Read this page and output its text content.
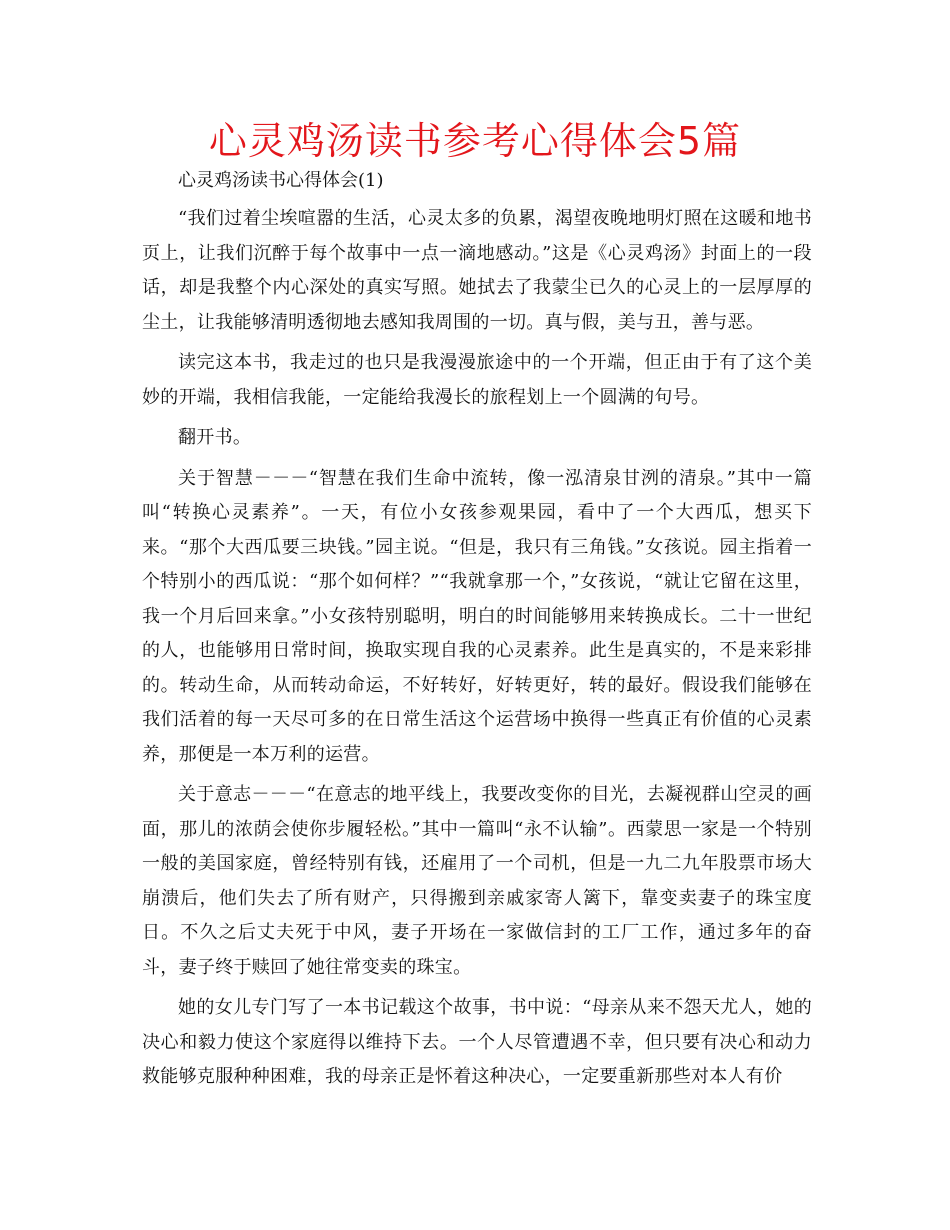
心灵鸡汤读书参考心得体会5篇

心灵鸡汤读书心得体会(1)

“我们过着尘埃喧嚣的生活，心灵太多的负累，渴望夜晚地明灯照在这暖和地书页上，让我们沉醉于每个故事中一点一滴地感动。”这是《心灵鸡汤》封面上的一段话，却是我整个内心深处的真实写照。她拭去了我蒙尘已久的心灵上的一层厚厚的尘土，让我能够清明透彻地去感知我周围的一切。真与假，美与丑，善与恶。

读完这本书，我走过的也只是我漫漫旅途中的一个开端，但正由于有了这个美妙的开端，我相信我能，一定能给我漫长的旅程划上一个圆满的句号。

翻开书。

关于智慧－－－“智慧在我们生命中流转，像一泓清泉甘洌的清泉。”其中一篇叫“转换心灵素养”。一天，有位小女孩参观果园，看中了一个大西瓜，想买下来。“那个大西瓜要三块钱。”园主说。“但是，我只有三角钱。”女孩说。园主指着一个特别小的西瓜说：“那个如何样？”“我就拿那一个，”女孩说，“就让它留在这里，我一个月后回来拿。”小女孩特别聪明，明白的时间能够用来转换成长。二十一世纪的人，也能够用日常时间，换取实现自我的心灵素养。此生是真实的，不是来彩排的。转动生命，从而转动命运，不好转好，好转更好，转的最好。假设我们能够在我们活着的每一天尽可多的在日常生活这个运营场中换得一些真正有价值的心灵素养，那便是一本万利的运营。

关于意志－－－“在意志的地平线上，我要改变你的目光，去凝视群山空灵的画面，那儿的浓荫会使你步履轻松。”其中一篇叫“永不认输”。西蒙思一家是一个特别一般的美国家庭，曾经特别有钱，还雇用了一个司机，但是一九二九年股票市场大崩溃后，他们失去了所有财产，只得搬到亲戚家寄人篱下，靠变卖妻子的珠宝度日。不久之后丈夫死于中风，妻子开场在一家做信封的工厂工作，通过多年的奋斗，妻子终于赎回了她往常变卖的珠宝。

她的女儿专门写了一本书记载这个故事，书中说：“母亲从来不怨天尤人，她的决心和毅力使这个家庭得以维持下去。一个人尽管遭遇不幸，但只要有决心和动力救能够克服种种困难，我的母亲正是怀着这种决心，一定要重新那些对本人有价
